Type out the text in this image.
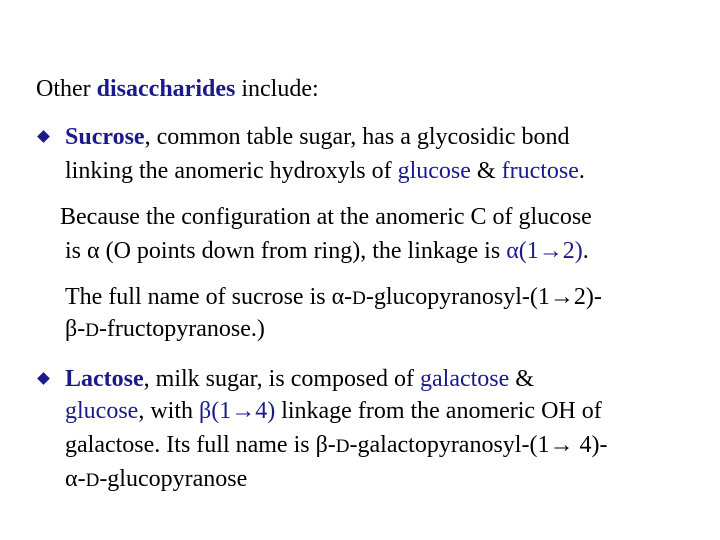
Other disaccharides include:
Sucrose, common table sugar, has a glycosidic bond
linking the anomeric hydroxyls of glucose & fructose.
Because the configuration at the anomeric C of glucose
is α (O points down from ring), the linkage is α(1→2).
The full name of sucrose is α-D-glucopyranosyl-(1→2)-
β-D-fructopyranose.)
Lactose, milk sugar, is composed of galactose &
glucose, with β(1→4) linkage from the anomeric OH of
galactose. Its full name is β-D-galactopyranosyl-(1→ 4)-
α-D-glucopyranose
